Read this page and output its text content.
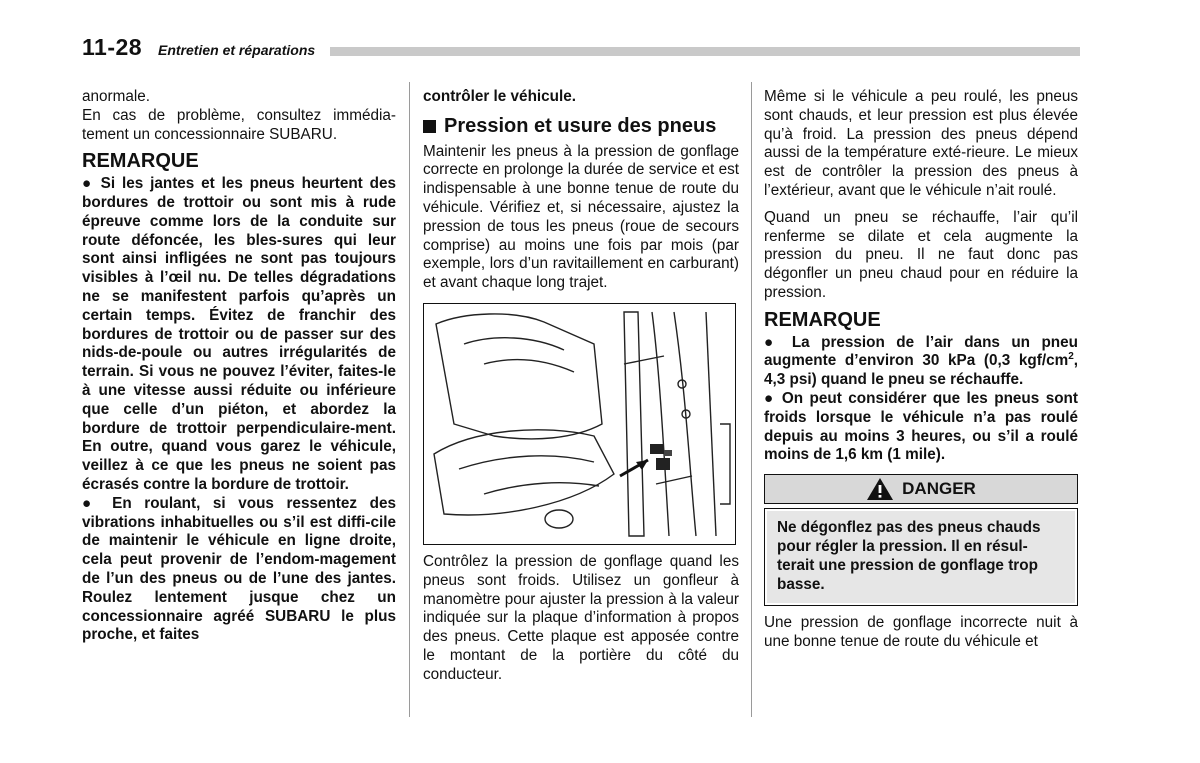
11-28 Entretien et réparations

anormale.

En cas de problème, consultez immédia-tement un concessionnaire SUBARU.

REMARQUE

● Si les jantes et les pneus heurtent des bordures de trottoir ou sont mis à rude épreuve comme lors de la conduite sur route défoncée, les bles-sures qui leur sont ainsi infligées ne sont pas toujours visibles à l’œil nu. De telles dégradations ne se manifestent parfois qu’après un certain temps. Évitez de franchir des bordures de trottoir ou de passer sur des nids-de-poule ou autres irrégularités de terrain. Si vous ne pouvez l’éviter, faites-le à une vitesse aussi réduite ou inférieure que celle d’un piéton, et abordez la bordure de trottoir perpendiculaire-ment. En outre, quand vous garez le véhicule, veillez à ce que les pneus ne soient pas écrasés contre la bordure de trottoir.

● En roulant, si vous ressentez des vibrations inhabituelles ou s’il est diffi-cile de maintenir le véhicule en ligne droite, cela peut provenir de l’endom-magement de l’un des pneus ou de l’une des jantes. Roulez lentement jusque chez un concessionnaire agréé SUBARU le plus proche, et faites

contrôler le véhicule.

Pression et usure des pneus

Maintenir les pneus à la pression de gonflage correcte en prolonge la durée de service et est indispensable à une bonne tenue de route du véhicule. Vérifiez et, si nécessaire, ajustez la pression de tous les pneus (roue de secours comprise) au moins une fois par mois (par exemple, lors d’un ravitaillement en carburant) et avant chaque long trajet.

Contrôlez la pression de gonflage quand les pneus sont froids. Utilisez un gonfleur à manomètre pour ajuster la pression à la valeur indiquée sur la plaque d’information à propos des pneus. Cette plaque est apposée contre le montant de la portière du côté du conducteur.

Même si le véhicule a peu roulé, les pneus sont chauds, et leur pression est plus élevée qu’à froid. La pression des pneus dépend aussi de la température exté-rieure. Le mieux est de contrôler la pression des pneus à l’extérieur, avant que le véhicule n’ait roulé.

Quand un pneu se réchauffe, l’air qu’il renferme se dilate et cela augmente la pression du pneu. Il ne faut donc pas dégonfler un pneu chaud pour en réduire la pression.

REMARQUE

● La pression de l’air dans un pneu augmente d’environ 30 kPa (0,3 kgf/$cm^2$, 4,3 psi) quand le pneu se réchauffe.

● On peut considérer que les pneus sont froids lorsque le véhicule n’a pas roulé depuis au moins 3 heures, ou s’il a roulé moins de 1,6 km (1 mile).

DANGER

Ne dégonflez pas des pneus chauds pour régler la pression. Il en résul-terait une pression de gonflage trop basse.

Une pression de gonflage incorrecte nuit à une bonne tenue de route du véhicule et
